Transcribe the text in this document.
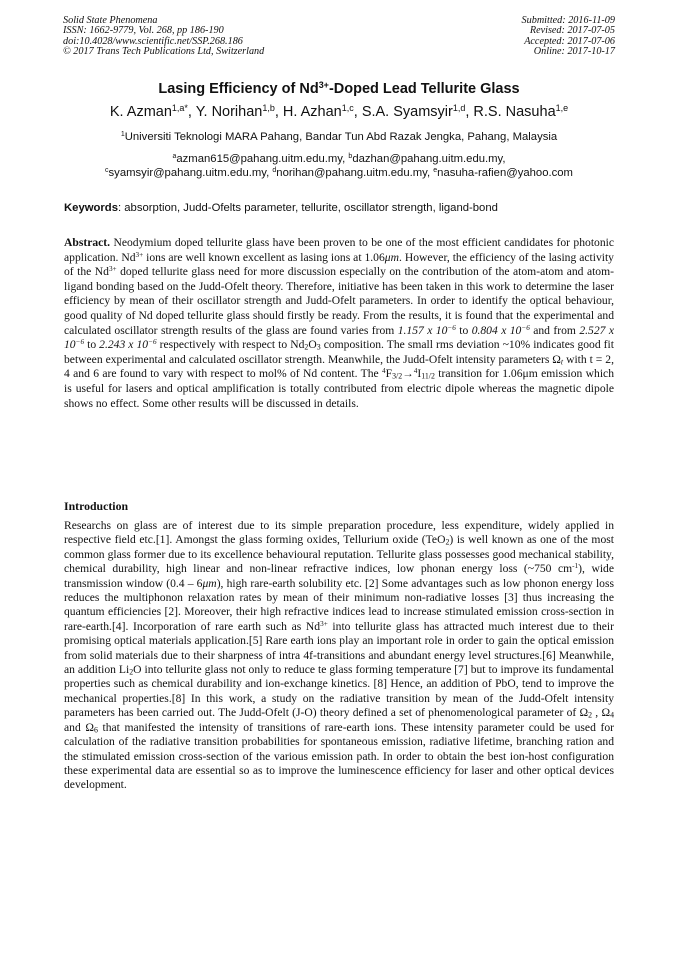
Solid State Phenomena
ISSN: 1662-9779, Vol. 268, pp 186-190
doi:10.4028/www.scientific.net/SSP.268.186
© 2017 Trans Tech Publications Ltd, Switzerland
Submitted: 2016-11-09
Revised: 2017-07-05
Accepted: 2017-07-06
Online: 2017-10-17
Lasing Efficiency of $Nd^{3+}$-Doped Lead Tellurite Glass
K. Azman$^{1,a*}$, Y. Norihan$^{1,b}$, H. Azhan$^{1,c}$, S.A. Syamsyir$^{1,d}$, R.S. Nasuha$^{1,e}$
$^1$Universiti Teknologi MARA Pahang, Bandar Tun Abd Razak Jengka, Pahang, Malaysia
$^a$azman615@pahang.uitm.edu.my, $^b$dazhan@pahang.uitm.edu.my,
$^c$syamsyir@pahang.uitm.edu.my, $^d$norihan@pahang.uitm.edu.my, $^e$nasuha-rafien@yahoo.com
Keywords: absorption, Judd-Ofelts parameter, tellurite, oscillator strength, ligand-bond
Abstract. Neodymium doped tellurite glass have been proven to be one of the most efficient candidates for photonic application. $Nd^{3+}$ ions are well known excellent as lasing ions at 1.06μm. However, the efficiency of the lasing activity of the $Nd^{3+}$ doped tellurite glass need for more discussion especially on the contribution of the atom-atom and atom-ligand bonding based on the Judd-Ofelt theory. Therefore, initiative has been taken in this work to determine the laser efficiency by mean of their oscillator strength and Judd-Ofelt parameters. In order to identify the optical behaviour, good quality of Nd doped tellurite glass should firstly be ready. From the results, it is found that the experimental and calculated oscillator strength results of the glass are found varies from 1.157 x $10^{-6}$ to 0.804 x $10^{-6}$ and from 2.527 x $10^{-6}$ to 2.243 x $10^{-6}$ respectively with respect to $Nd_2O_3$ composition. The small rms deviation ~10% indicates good fit between experimental and calculated oscillator strength. Meanwhile, the Judd-Ofelt intensity parameters $\Omega_t$ with t = 2, 4 and 6 are found to vary with respect to mol% of Nd content. The $^4F_{3/2}\to^4I_{11/2}$ transition for 1.06μm emission which is useful for lasers and optical amplification is totally contributed from electric dipole whereas the magnetic dipole shows no effect. Some other results will be discussed in details.
Introduction
Researchs on glass are of interest due to its simple preparation procedure, less expenditure, widely applied in respective field etc.[1]. Amongst the glass forming oxides, Tellurium oxide (TeO$_2$) is well known as one of the most common glass former due to its excellence behavioural reputation. Tellurite glass possesses good mechanical stability, chemical durability, high linear and non-linear refractive indices, low phonan energy loss (~750 $cm^{-1}$), wide transmission window (0.4 – 6μm), high rare-earth solubility etc. [2] Some advantages such as low phonon energy loss reduces the multiphonon relaxation rates by mean of their minimum non-radiative losses [3] thus increasing the quantum efficiencies [2]. Moreover, their high refractive indices lead to increase stimulated emission cross-section in rare-earth.[4]. Incorporation of rare earth such as $Nd^{3+}$ into tellurite glass has attracted much interest due to their promising optical materials application.[5] Rare earth ions play an important role in order to gain the optical emission from solid materials due to their sharpness of intra 4f-transitions and abundant energy level structures.[6] Meanwhile, an addition $Li_2O$ into tellurite glass not only to reduce te glass forming temperature [7] but to improve its fundamental properties such as chemical durability and ion-exchange kinetics. [8] Hence, an addition of PbO, tend to improve the mechanical properties.[8] In this work, a study on the radiative transition by mean of the Judd-Ofelt intensity parameters has been carried out. The Judd-Ofelt (J-O) theory defined a set of phenomenological parameter of $\Omega_2$ , $\Omega_4$ and $\Omega_6$ that manifested the intensity of transitions of rare-earth ions. These intensity parameter could be used for calculation of the radiative transition probabilities for spontaneous emission, radiative lifetime, branching ration and the stimulated emission cross-section of the various emission path. In order to obtain the best ion-host configuration these experimental data are essential so as to improve the luminescence efficiency for laser and other optical devices development.
